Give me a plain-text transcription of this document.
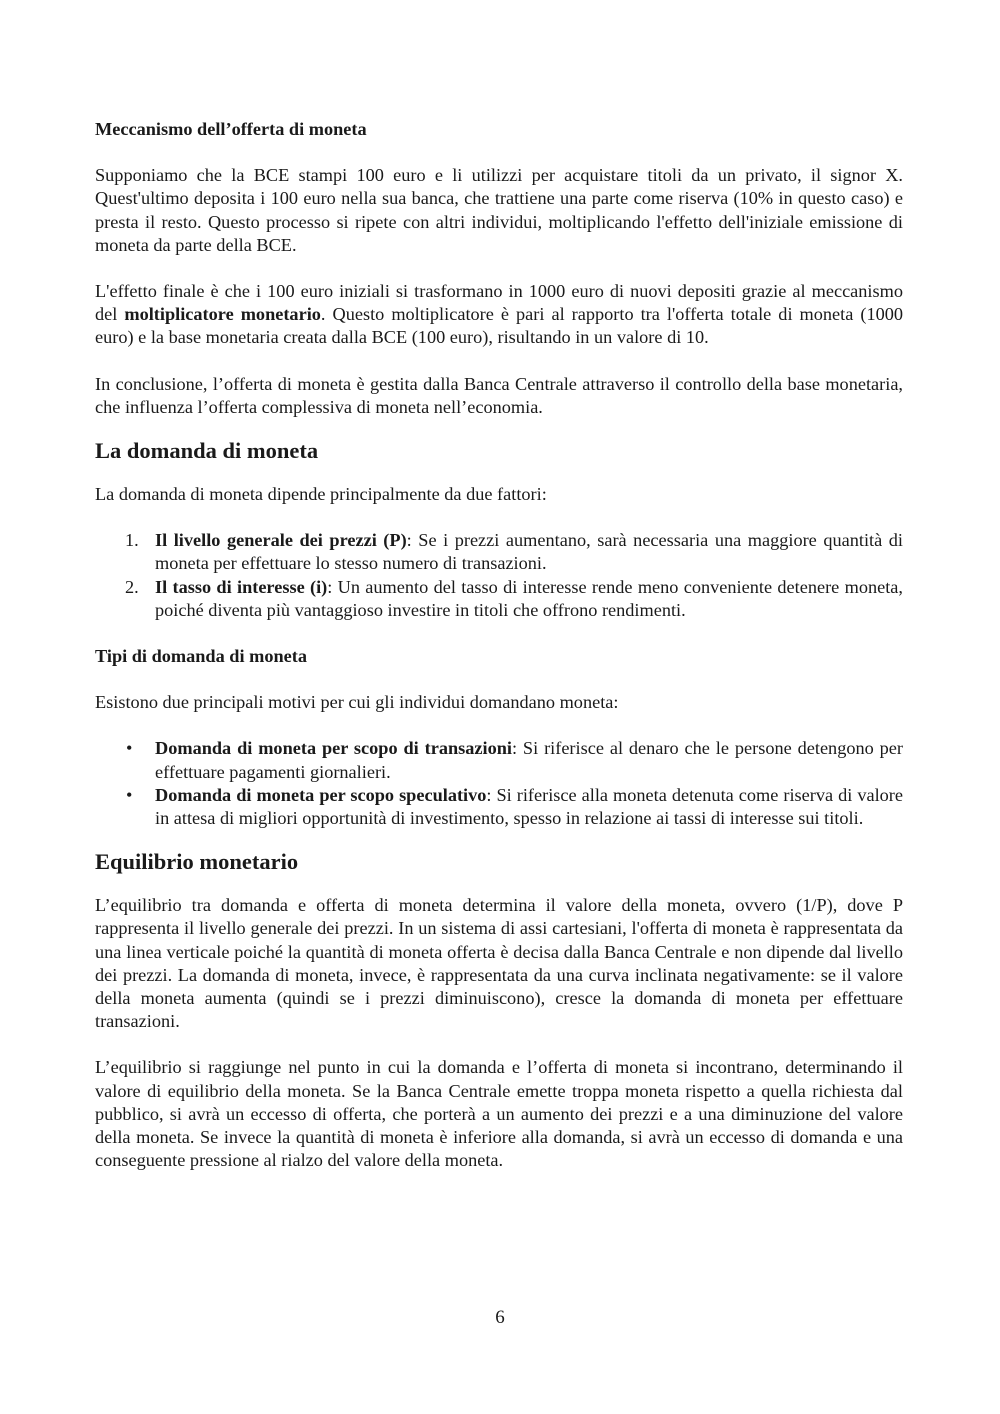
Meccanismo dell’offerta di moneta

Supponiamo che la BCE stampi 100 euro e li utilizzi per acquistare titoli da un privato, il signor X. Quest'ultimo deposita i 100 euro nella sua banca, che trattiene una parte come riserva (10% in questo caso) e presta il resto. Questo processo si ripete con altri individui, moltiplicando l'effetto dell'iniziale emissione di moneta da parte della BCE.

L'effetto finale è che i 100 euro iniziali si trasformano in 1000 euro di nuovi depositi grazie al meccanismo del moltiplicatore monetario. Questo moltiplicatore è pari al rapporto tra l'offerta totale di moneta (1000 euro) e la base monetaria creata dalla BCE (100 euro), risultando in un valore di 10.

In conclusione, l’offerta di moneta è gestita dalla Banca Centrale attraverso il controllo della base monetaria, che influenza l’offerta complessiva di moneta nell’economia.

La domanda di moneta

La domanda di moneta dipende principalmente da due fattori:

1. Il livello generale dei prezzi (P): Se i prezzi aumentano, sarà necessaria una maggiore quantità di moneta per effettuare lo stesso numero di transazioni.
2. Il tasso di interesse (i): Un aumento del tasso di interesse rende meno conveniente detenere moneta, poiché diventa più vantaggioso investire in titoli che offrono rendimenti.

Tipi di domanda di moneta

Esistono due principali motivi per cui gli individui domandano moneta:

• Domanda di moneta per scopo di transazioni: Si riferisce al denaro che le persone detengono per effettuare pagamenti giornalieri.
• Domanda di moneta per scopo speculativo: Si riferisce alla moneta detenuta come riserva di valore in attesa di migliori opportunità di investimento, spesso in relazione ai tassi di interesse sui titoli.

Equilibrio monetario

L’equilibrio tra domanda e offerta di moneta determina il valore della moneta, ovvero (1/P), dove P rappresenta il livello generale dei prezzi. In un sistema di assi cartesiani, l'offerta di moneta è rappresentata da una linea verticale poiché la quantità di moneta offerta è decisa dalla Banca Centrale e non dipende dal livello dei prezzi. La domanda di moneta, invece, è rappresentata da una curva inclinata negativamente: se il valore della moneta aumenta (quindi se i prezzi diminuiscono), cresce la domanda di moneta per effettuare transazioni.

L’equilibrio si raggiunge nel punto in cui la domanda e l’offerta di moneta si incontrano, determinando il valore di equilibrio della moneta. Se la Banca Centrale emette troppa moneta rispetto a quella richiesta dal pubblico, si avrà un eccesso di offerta, che porterà a un aumento dei prezzi e a una diminuzione del valore della moneta. Se invece la quantità di moneta è inferiore alla domanda, si avrà un eccesso di domanda e una conseguente pressione al rialzo del valore della moneta.

6
